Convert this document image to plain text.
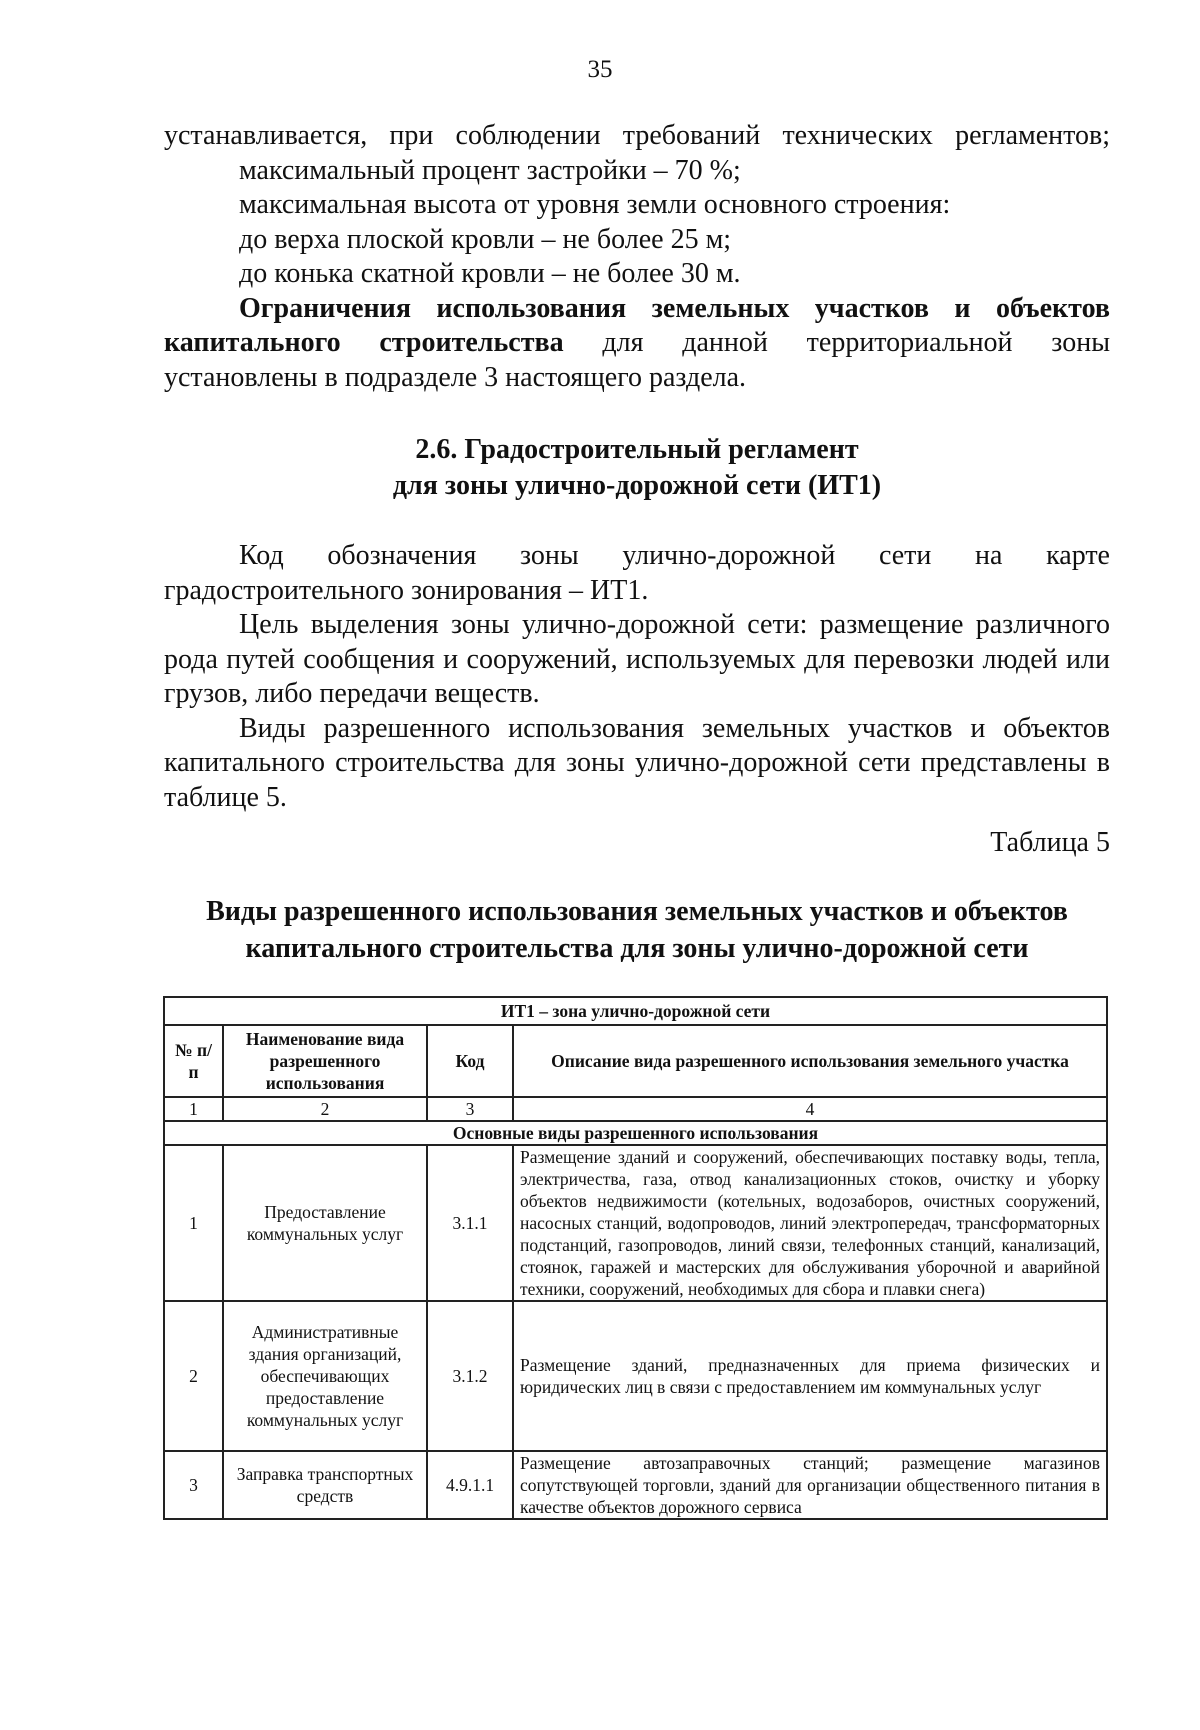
35

устанавливается, при соблюдении требований технических регламентов;

максимальный процент застройки – 70 %;

максимальная высота от уровня земли основного строения:

до верха плоской кровли – не более 25 м;

до конька скатной кровли – не более 30 м.

Ограничения использования земельных участков и объектов капитального строительства для данной территориальной зоны установлены в подразделе 3 настоящего раздела.

2.6. Градостроительный регламент
для зоны улично-дорожной сети (ИТ1)

Код обозначения зоны улично-дорожной сети на карте градостроительного зонирования – ИТ1.

Цель выделения зоны улично-дорожной сети: размещение различного рода путей сообщения и сооружений, используемых для перевозки людей или грузов, либо передачи веществ.

Виды разрешенного использования земельных участков и объектов капитального строительства для зоны улично-дорожной сети представлены в таблице 5.

Таблица 5
Виды разрешенного использования земельных участков и объектов
капитального строительства для зоны улично-дорожной сети
ИТ1 – зона улично-дорожной сети			
№ п/п	Наименование вида разрешенного использования	Код	Описание вида разрешенного использования земельного участка
1	2	3	4
Основные виды разрешенного использования			
1	Предоставление коммунальных услуг	3.1.1	Размещение зданий и сооружений, обеспечивающих поставку воды, тепла, электричества, газа, отвод канализационных стоков, очистку и уборку объектов недвижимости (котельных, водозаборов, очистных сооружений, насосных станций, водопроводов, линий электропередач, трансформаторных подстанций, газопроводов, линий связи, телефонных станций, канализаций, стоянок, гаражей и мастерских для обслуживания уборочной и аварийной техники, сооружений, необходимых для сбора и плавки снега)
2	Административные здания организаций, обеспечивающих предоставление коммунальных услуг	3.1.2	Размещение зданий, предназначенных для приема физических и юридических лиц в связи с предоставлением им коммунальных услуг
3	Заправка транспортных средств	4.9.1.1	Размещение автозаправочных станций; размещение магазинов сопутствующей торговли, зданий для организации общественного питания в качестве объектов дорожного сервиса
